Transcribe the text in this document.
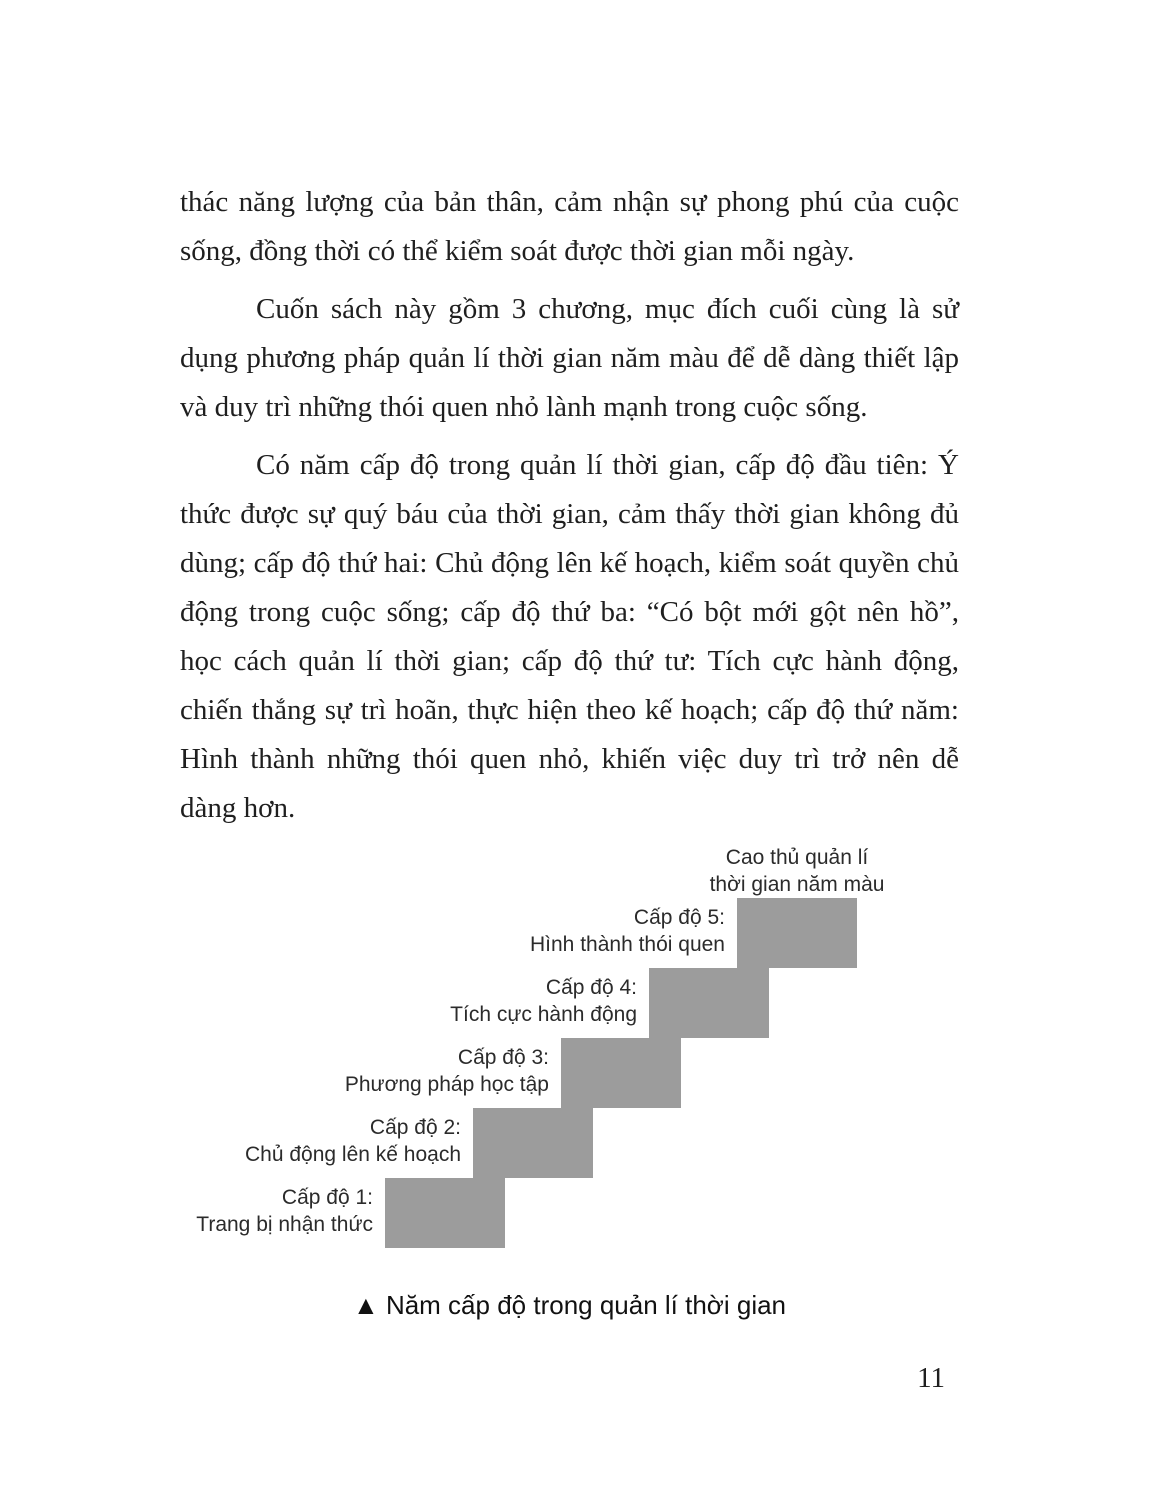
thác năng lượng của bản thân, cảm nhận sự phong phú của cuộc sống, đồng thời có thể kiểm soát được thời gian mỗi ngày.

Cuốn sách này gồm 3 chương, mục đích cuối cùng là sử dụng phương pháp quản lí thời gian năm màu để dễ dàng thiết lập và duy trì những thói quen nhỏ lành mạnh trong cuộc sống.

Có năm cấp độ trong quản lí thời gian, cấp độ đầu tiên: Ý thức được sự quý báu của thời gian, cảm thấy thời gian không đủ dùng; cấp độ thứ hai: Chủ động lên kế hoạch, kiểm soát quyền chủ động trong cuộc sống; cấp độ thứ ba: “Có bột mới gột nên hồ”, học cách quản lí thời gian; cấp độ thứ tư: Tích cực hành động, chiến thắng sự trì hoãn, thực hiện theo kế hoạch; cấp độ thứ năm: Hình thành những thói quen nhỏ, khiến việc duy trì trở nên dễ dàng hơn.

Cao thủ quản lí
thời gian năm màu
Cấp độ 1:
Trang bị nhận thức
Cấp độ 2:
Chủ động lên kế hoạch
Cấp độ 3:
Phương pháp học tập
Cấp độ 4:
Tích cực hành động
Cấp độ 5:
Hình thành thói quen
▲ Năm cấp độ trong quản lí thời gian
11
